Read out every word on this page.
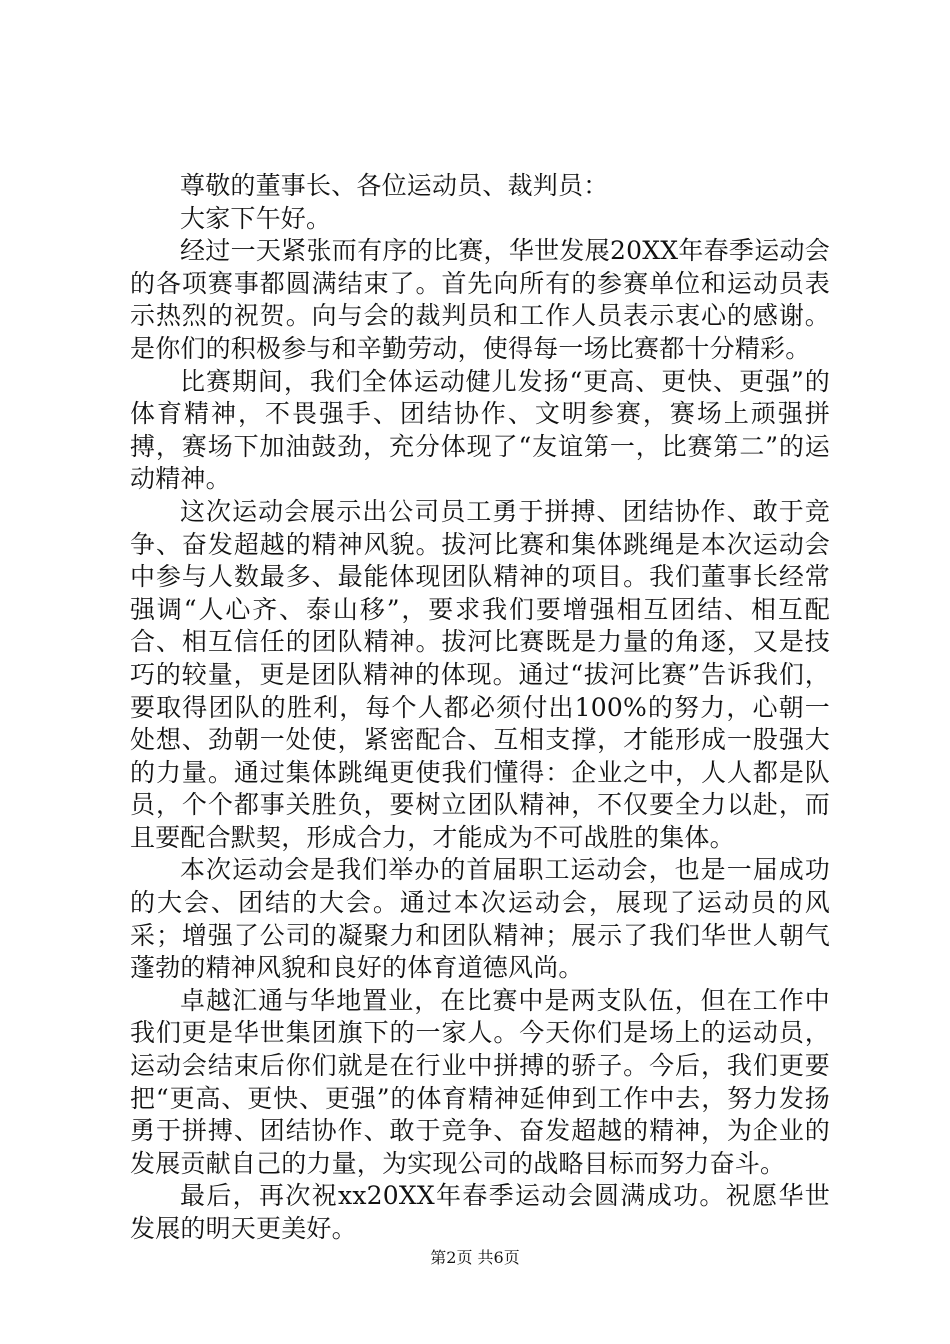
尊敬的董事长、各位运动员、裁判员：

大家下午好。

经过一天紧张而有序的比赛，华世发展20XX年春季运动会的各项赛事都圆满结束了。首先向所有的参赛单位和运动员表示热烈的祝贺。向与会的裁判员和工作人员表示衷心的感谢。是你们的积极参与和辛勤劳动，使得每一场比赛都十分精彩。

比赛期间，我们全体运动健儿发扬“更高、更快、更强”的体育精神，不畏强手、团结协作、文明参赛，赛场上顽强拼搏，赛场下加油鼓劲，充分体现了“友谊第一，比赛第二”的运动精神。

这次运动会展示出公司员工勇于拼搏、团结协作、敢于竞争、奋发超越的精神风貌。拔河比赛和集体跳绳是本次运动会中参与人数最多、最能体现团队精神的项目。我们董事长经常强调“人心齐、泰山移”，要求我们要增强相互团结、相互配合、相互信任的团队精神。拔河比赛既是力量的角逐，又是技巧的较量，更是团队精神的体现。通过“拔河比赛”告诉我们，要取得团队的胜利，每个人都必须付出100%的努力，心朝一处想、劲朝一处使，紧密配合、互相支撑，才能形成一股强大的力量。通过集体跳绳更使我们懂得：企业之中，人人都是队员，个个都事关胜负，要树立团队精神，不仅要全力以赴，而且要配合默契，形成合力，才能成为不可战胜的集体。

本次运动会是我们举办的首届职工运动会，也是一届成功的大会、团结的大会。通过本次运动会，展现了运动员的风采；增强了公司的凝聚力和团队精神；展示了我们华世人朝气蓬勃的精神风貌和良好的体育道德风尚。

卓越汇通与华地置业，在比赛中是两支队伍，但在工作中我们更是华世集团旗下的一家人。今天你们是场上的运动员，运动会结束后你们就是在行业中拼搏的骄子。今后，我们更要把“更高、更快、更强”的体育精神延伸到工作中去，努力发扬勇于拼搏、团结协作、敢于竞争、奋发超越的精神，为企业的发展贡献自己的力量，为实现公司的战略目标而努力奋斗。

最后，再次祝xx20XX年春季运动会圆满成功。祝愿华世发展的明天更美好。

第2页 共6页
